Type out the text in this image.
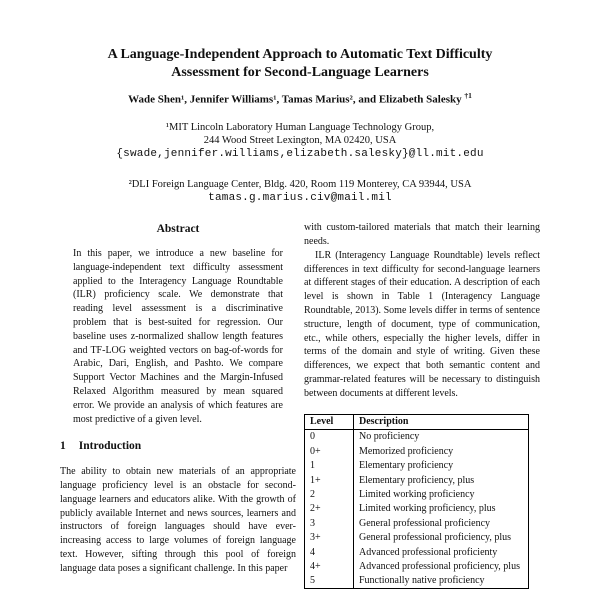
A Language-Independent Approach to Automatic Text Difficulty Assessment for Second-Language Learners
Wade Shen¹, Jennifer Williams¹, Tamas Marius², and Elizabeth Salesky $^{\dagger 1}$
¹MIT Lincoln Laboratory Human Language Technology Group,
244 Wood Street Lexington, MA 02420, USA
{swade,jennifer.williams,elizabeth.salesky}@ll.mit.edu
²DLI Foreign Language Center, Bldg. 420, Room 119 Monterey, CA 93944, USA
tamas.g.marius.civ@mail.mil
Abstract

In this paper, we introduce a new baseline for language-independent text difficulty assessment applied to the Interagency Language Roundtable (ILR) proficiency scale. We demonstrate that reading level assessment is a discriminative problem that is best-suited for regression. Our baseline uses z-normalized shallow length features and TF-LOG weighted vectors on bag-of-words for Arabic, Dari, English, and Pashto. We compare Support Vector Machines and the Margin-Infused Relaxed Algorithm measured by mean squared error. We provide an analysis of which features are most predictive of a given level.

1 Introduction

The ability to obtain new materials of an appropriate language proficiency level is an obstacle for second-language learners and educators alike. With the growth of publicly available Internet and news sources, learners and instructors of foreign languages should have ever-increasing access to large volumes of foreign language text. However, sifting through this pool of foreign language data poses a significant challenge. In this paper

with custom-tailored materials that match their learning needs.

ILR (Interagency Language Roundtable) levels reflect differences in text difficulty for second-language learners at different stages of their education. A description of each level is shown in Table 1 (Interagency Language Roundtable, 2013). Some levels differ in terms of sentence structure, length of document, type of communication, etc., while others, especially the higher levels, differ in terms of the domain and style of writing. Given these differences, we expect that both semantic content and grammar-related features will be necessary to distinguish between documents at different levels.

Level	Description
0	No proficiency
0+	Memorized proficiency
1	Elementary proficiency
1+	Elementary proficiency, plus
2	Limited working proficiency
2+	Limited working proficiency, plus
3	General professional proficiency
3+	General professional proficiency, plus
4	Advanced professional proficienty
4+	Advanced professional proficiency, plus
5	Functionally native proficiency
